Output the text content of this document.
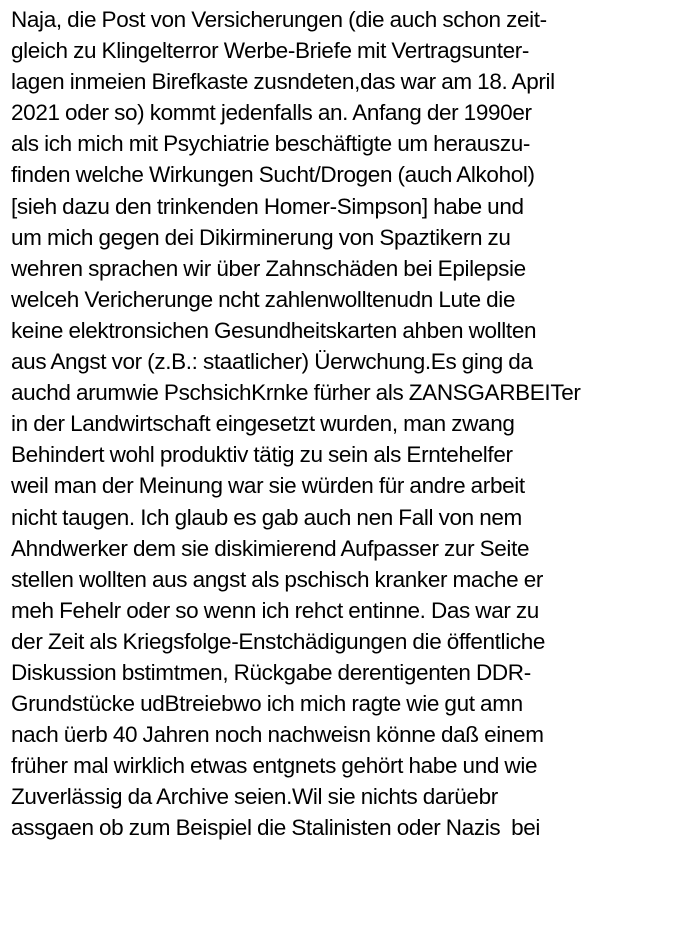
Naja, die Post von Versicherungen (die auch schon zeit-
gleich zu Klingelterror Werbe-Briefe mit Vertragsunter-
lagen inmeien Birefkaste zusndeten,das war am 18. April
2021 oder so) kommt jedenfalls an. Anfang der 1990er
als ich mich mit Psychiatrie beschäftigte um herauszu-
finden welche Wirkungen Sucht/Drogen (auch Alkohol)
[sieh dazu den trinkenden Homer-Simpson] habe und
um mich gegen dei Dikirminerung von Spaztikern zu
wehren sprachen wir über Zahnschäden bei Epilepsie
welceh Vericherunge ncht zahlenwolltenudn Lute die
keine elektronsichen Gesundheitskarten ahben wollten
aus Angst vor (z.B.: staatlicher) Üerwchung.Es ging da
auchd arumwie PschsichKrnke fürher als ZANSGARBEITer
in der Landwirtschaft eingesetzt wurden, man zwang
Behindert wohl produktiv tätig zu sein als Erntehelfer
weil man der Meinung war sie würden für andre arbeit
nicht taugen. Ich glaub es gab auch nen Fall von nem
Ahndwerker dem sie diskimierend Aufpasser zur Seite
stellen wollten aus angst als pschisch kranker mache er
meh Fehelr oder so wenn ich rehct entinne. Das war zu
der Zeit als Kriegsfolge-Enstchädigungen die öffentliche
Diskussion bstimtmen, Rückgabe derentigenten DDR-
Grundstücke udBtreiebwo ich mich ragte wie gut amn
nach üerb 40 Jahren noch nachweisn könne daß einem
früher mal wirklich etwas entgnets gehört habe und wie
Zuverlässig da Archive seien.Wil sie nichts darüebr
assgaen ob zum Beispiel die Stalinisten oder Nazis  bei
